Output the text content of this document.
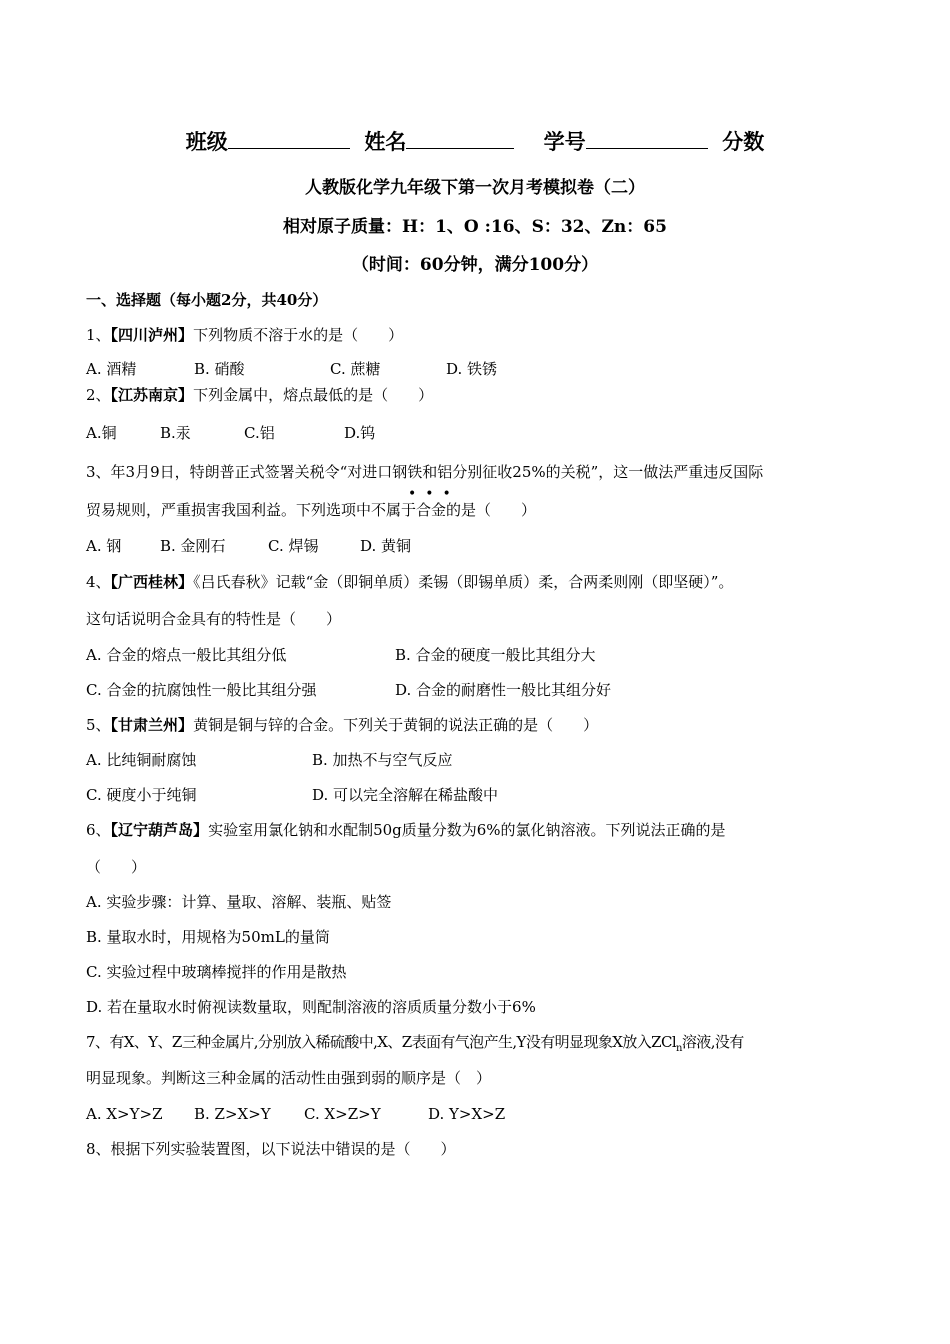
班级	姓名	学号	分数
人教版化学九年级下第一次月考模拟卷（二）
相对原子质量：H：1、O :16、S：32、Zn：65
（时间：60分钟，满分100分）
一、选择题（每小题2分，共40分）
1、【四川泸州】下列物质不溶于水的是（　　）
A. 酒精	B. 硝酸	C. 蔗糖	D. 铁锈
2、【江苏南京】下列金属中，熔点最低的是（　　）
A.铜	B.汞	C.铝	D.钨
3、年3月9日，特朗普正式签署关税令“对进口钢铁和铝分别征收25%的关税”，这一做法严重违反国际
•••
贸易规则，严重损害我国利益。下列选项中不属于合金的是（　　）
A. 钢	B. 金刚石	C. 焊锡	D. 黄铜
4、【广西桂林】《吕氏春秋》记载“金（即铜单质）柔锡（即锡单质）柔，合两柔则刚（即坚硬）”。
这句话说明合金具有的特性是（　　）
A. 合金的熔点一般比其组分低	B. 合金的硬度一般比其组分大
C. 合金的抗腐蚀性一般比其组分强	D. 合金的耐磨性一般比其组分好
5、【甘肃兰州】黄铜是铜与锌的合金。下列关于黄铜的说法正确的是（　　）
A. 比纯铜耐腐蚀	B. 加热不与空气反应
C. 硬度小于纯铜	D. 可以完全溶解在稀盐酸中
6、【辽宁葫芦岛】实验室用氯化钠和水配制50g质量分数为6%的氯化钠溶液。下列说法正确的是
（　　）
A. 实验步骤：计算、量取、溶解、装瓶、贴签
B. 量取水时，用规格为50mL的量筒
C. 实验过程中玻璃棒搅拌的作用是散热
D. 若在量取水时俯视读数量取，则配制溶液的溶质质量分数小于6%
7、有X、Y、Z三种金属片,分别放入稀硫酸中,X、Z表面有气泡产生,Y没有明显现象X放入ZCl$_n$溶液,没有
明显现象。判断这三种金属的活动性由强到弱的顺序是（　）
A. X>Y>Z B. Z>X>Y C. X>Z>Y	D. Y>X>Z
8、根据下列实验装置图，以下说法中错误的是（　　）
